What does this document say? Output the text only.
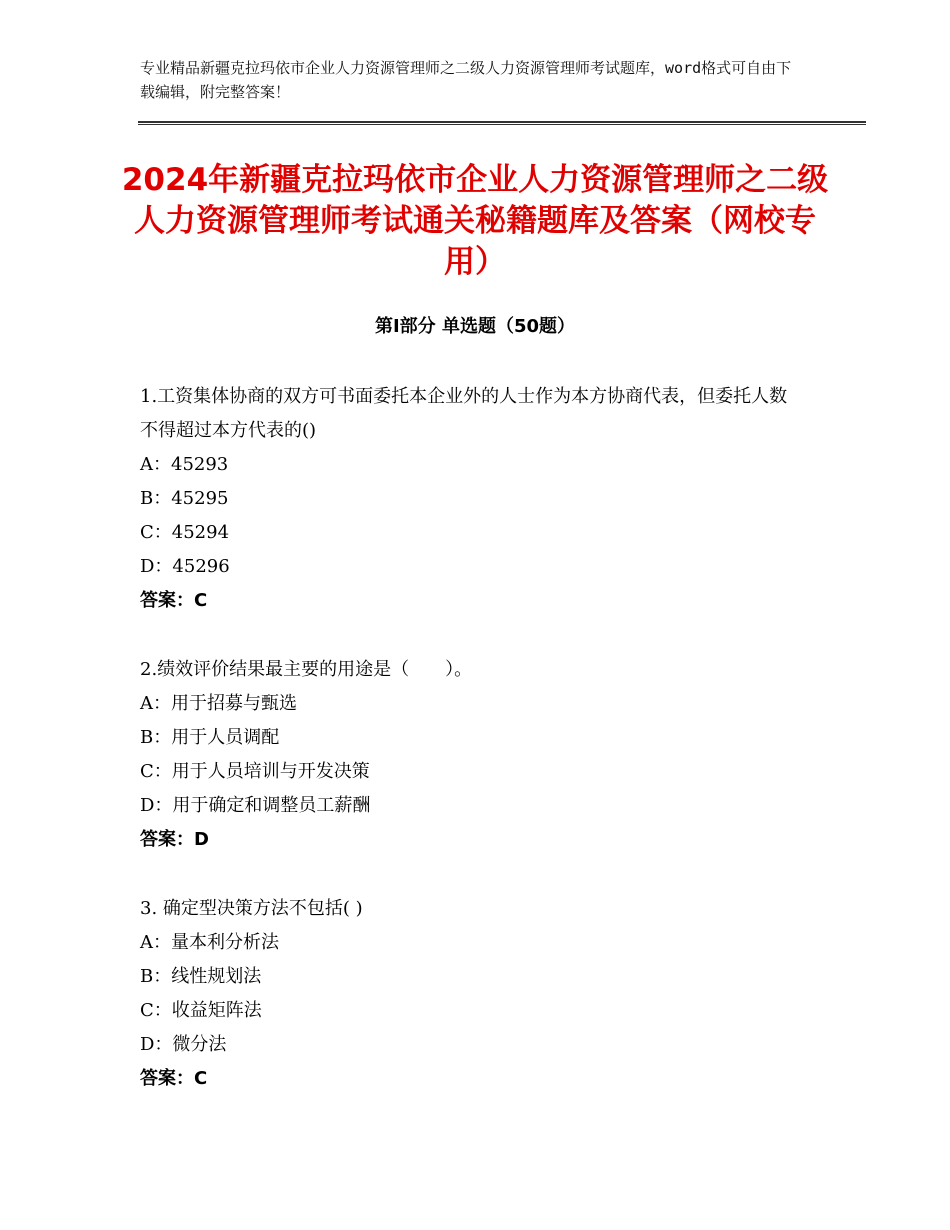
专业精品新疆克拉玛依市企业人力资源管理师之二级人力资源管理师考试题库，word格式可自由下载编辑，附完整答案！
2024年新疆克拉玛依市企业人力资源管理师之二级人力资源管理师考试通关秘籍题库及答案（网校专用）
第Ⅰ部分 单选题（50题）

1.工资集体协商的双方可书面委托本企业外的人士作为本方协商代表，但委托人数不得超过本方代表的()

A：45293

B：45295

C：45294

D：45296

答案：C

2.绩效评价结果最主要的用途是（　　）。

A：用于招募与甄选

B：用于人员调配

C：用于人员培训与开发决策

D：用于确定和调整员工薪酬

答案：D

3. 确定型决策方法不包括( )

A：量本利分析法

B：线性规划法

C：收益矩阵法

D：微分法

答案：C
